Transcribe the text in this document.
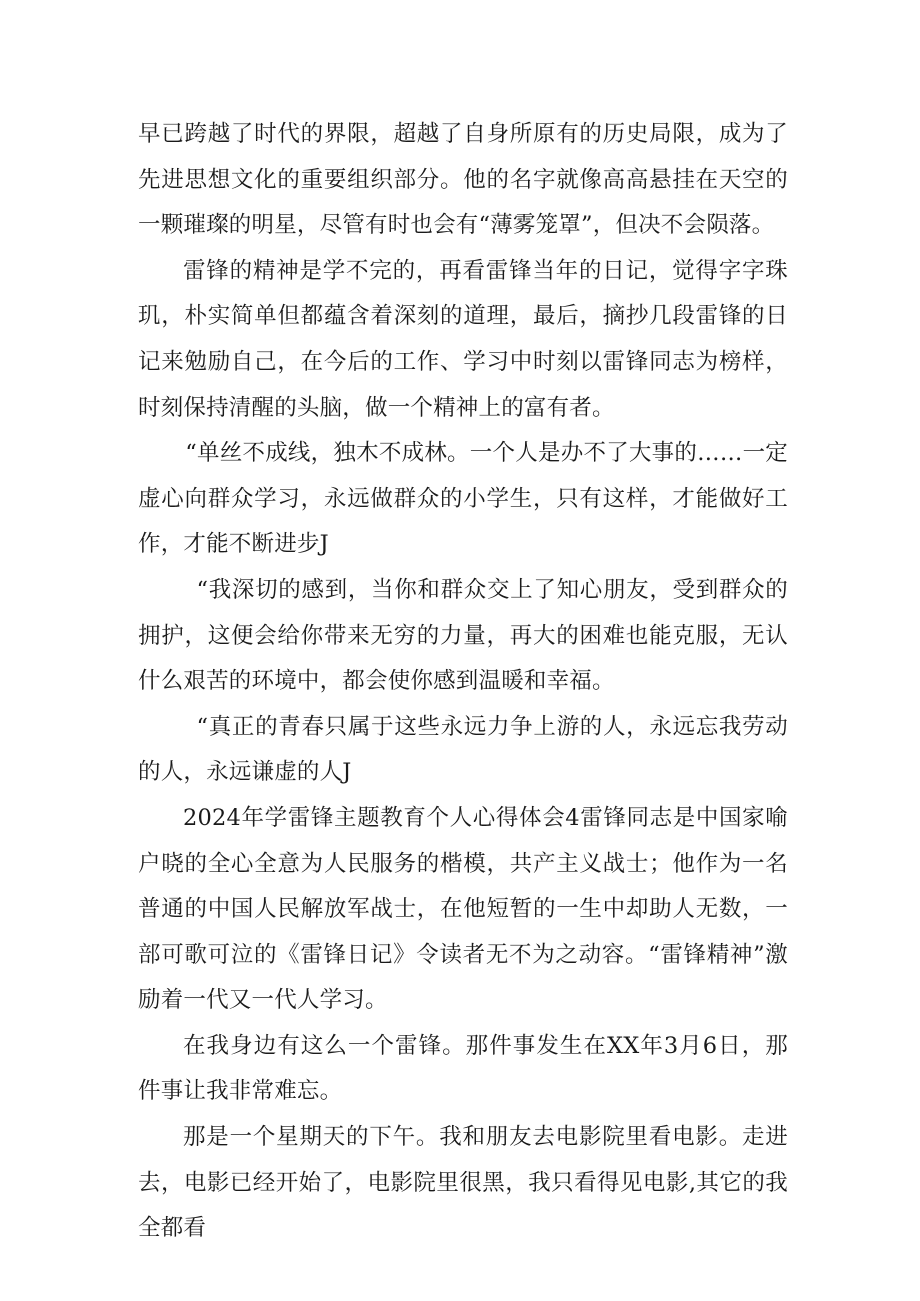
早已跨越了时代的界限，超越了自身所原有的历史局限，成为了先进思想文化的重要组织部分。他的名字就像高高悬挂在天空的一颗璀璨的明星，尽管有时也会有“薄雾笼罩”，但决不会陨落。

雷锋的精神是学不完的，再看雷锋当年的日记，觉得字字珠玑，朴实简单但都蕴含着深刻的道理，最后，摘抄几段雷锋的日记来勉励自己，在今后的工作、学习中时刻以雷锋同志为榜样，时刻保持清醒的头脑，做一个精神上的富有者。

“单丝不成线，独木不成林。一个人是办不了大事的……一定虚心向群众学习，永远做群众的小学生，只有这样，才能做好工作，才能不断进步J

“我深切的感到，当你和群众交上了知心朋友，受到群众的拥护，这便会给你带来无穷的力量，再大的困难也能克服，无认什么艰苦的环境中，都会使你感到温暖和幸福。

“真正的青春只属于这些永远力争上游的人，永远忘我劳动的人，永远谦虚的人J

2024年学雷锋主题教育个人心得体会4雷锋同志是中国家喻户晓的全心全意为人民服务的楷模，共产主义战士；他作为一名普通的中国人民解放军战士，在他短暂的一生中却助人无数，一部可歌可泣的《雷锋日记》令读者无不为之动容。“雷锋精神”激励着一代又一代人学习。

在我身边有这么一个雷锋。那件事发生在XX年3月6日，那件事让我非常难忘。

那是一个星期天的下午。我和朋友去电影院里看电影。走进去，电影已经开始了，电影院里很黑，我只看得见电影,其它的我全都看
